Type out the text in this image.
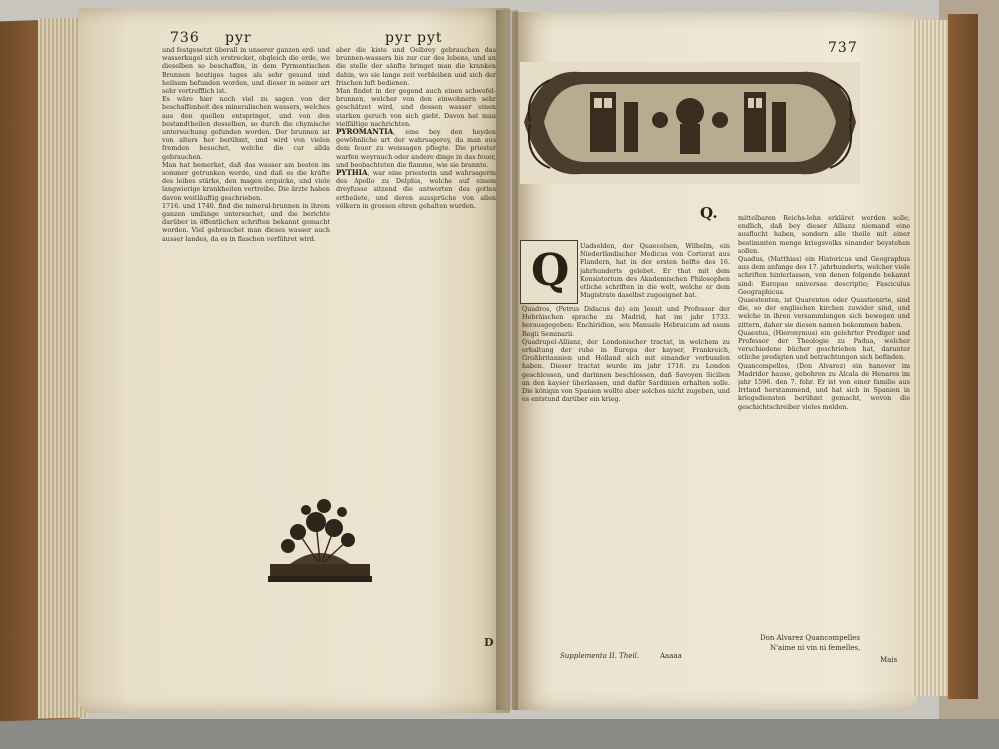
736 pyr	pyr pyt

und festgesetzt überall in unserer ganzen erd- und wasserkugel sich erstrecket, obgleich die erde, wo dieselben so beschaffen, in dem Pyrmontischen Brunnen heutiges tages als sehr gesund und heilsam befunden worden, und dieser in seiner art sehr vortrefflich ist.

Es wäre hier noch viel zu sagen von der beschaffenheit des mineralischen wassers, welches aus den quellen entspringet, und von den bestandtheilen desselben, so durch die chymische untersuchung gefunden worden. Der brunnen ist von alters her berühmt, und wird von vielen fremden besuchet, welche die cur allda gebrauchen.

Man hat bemerket, daß das wasser am besten im sommer getrunken werde, und daß es die kräfte des leibes stärke, den magen erquicke, und viele langwierige krankheiten vertreibe. Die ärzte haben davon weitläuftig geschrieben.

1716. und 1740. find die mineral-brunnen in ihrem ganzen umfange untersuchet, und die berichte darüber in öffentlichen schriften bekannt gemacht worden. Viel gebrauchet man dieses wasser auch ausser landes, da es in flaschen verführet wird.

aber die kiste und Oelbrey gebrauchen das brunnen-wassers bis zur cur des lebens, und an die stelle der sänfte bringet man die kranken dahin, wo sie lange zeit verbleiben und sich der frischen luft bedienen.

Man findet in der gegend auch einen schwefel-brunnen, welcher von den einwohnern sehr geschätzet wird, und dessen wasser einen starken geruch von sich giebt. Davon hat man vielfältige nachrichten.

PYROMANTIA, eine bey den heyden gewöhnliche art der wahrsagerey, da man aus dem feuer zu weissagen pflegte. Die priester warfen weyrauch oder andere dinge in das feuer, und beobachteten die flamme, wie sie brannte.

PYTHIA, war eine priesterin und wahrsagerin des Apollo zu Delphis, welche auf einem dreyfusse sitzend die antworten des gottes ertheilete, und deren aussprüche von allen völkern in grossen ehren gehalten wurden.

D
737
Q.
Q Uadselden, der Quaecelsen, Wilhelm, ein Niederländischer Medicus von Corterat aus Flandern, hat in der ersten helfte des 16. jahrhunderts gelebet. Er that mit dem Konsistorium des Akademischen Philosophen etliche schriften in die welt, welche er dem Magistrate daselbst zugeeignet hat.

Quadros, (Petrus Didacus de) ein Jesuit und Professor der Hebräischen sprache zu Madrid, hat im jahr 1733. herausgegeben: Enchiridion, seu Manuale Hebraicum ad usum Regii Seminarii.

Quadrupel-Allianz, der Londonischer tractat, in welchem zu erhaltung der ruhe in Europa der kayser, Frankreich, Großbritannien und Holland sich mit einander verbunden haben. Dieser tractat wurde im jahr 1718. zu London geschlossen, und darinnen beschlossen, daß Savoyen Sicilien an den kayser überlassen, und dafür Sardinien erhalten solle. Die königin von Spanien wollte aber solches nicht zugeben, und es entstund darüber ein krieg.

mittelbaren Reichs-lehn erkläret werden solle; endlich, daß bey dieser Allianz niemand eine ausflucht haben, sondern alle theile mit einer bestimmten menge kriegsvolks einander beystehen sollen.

Quadus, (Matthias) ein Historicus und Geographus aus dem anfange des 17. jahrhunderts, welcher viele schriften hinterlassen, von denen folgende bekannt sind: Europae universae descriptio; Fasciculus Geographicus.

Quaestenten, ist Quarenten oder Quastionirte, sind die, so der englischen kirchen zuwider sind, und welche in ihren versammlungen sich bewegen und zittern, daher sie diesen namen bekommen haben.

Quaestus, (Hieronymus) ein gelehrter Prediger und Professor der Theologie zu Padua, welcher verschiedene bücher geschrieben hat, darunter etliche predigten und betrachtungen sich befinden.

Quancompelles, (Don Alvarez) ein hanover im Madrider hause, gebohren zu Alcala de Henares im jahr 1596. den 7. febr. Er ist von einer familie aus Irrland herstammend, und hat sich in Spanien in kriegsdiensten berühmt gemacht, wovon die geschichtschreiber vieles melden.

Supplementa II. Theil.	Aaaaa
Don Alvarez Quancompelles
N'aime ni vin ni femelles,
Mais
